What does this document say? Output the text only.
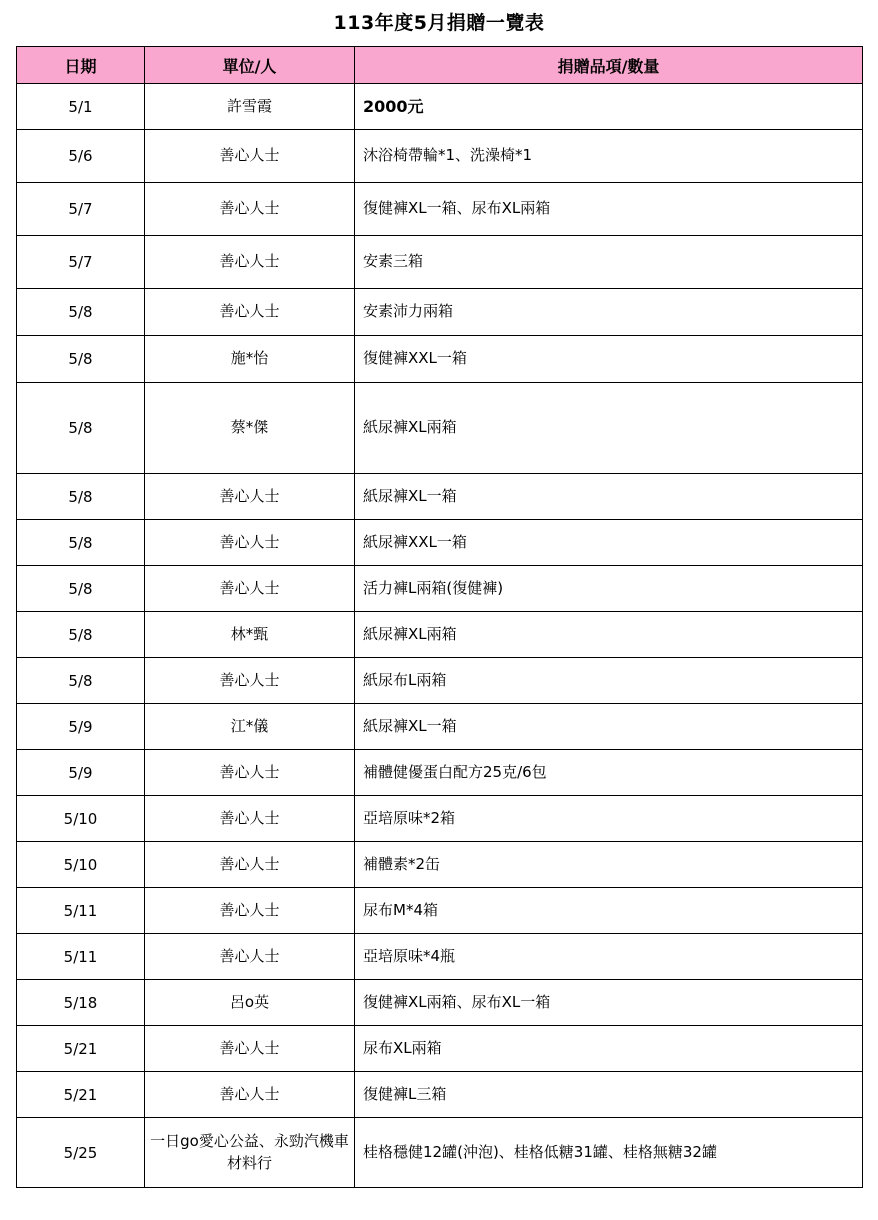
113年度5月捐贈一覽表
日期	單位/人	捐贈品項/數量
5/1	許雪霞	2000元
5/6	善心人士	沐浴椅帶輪*1、洗澡椅*1
5/7	善心人士	復健褲XL一箱、尿布XL兩箱
5/7	善心人士	安素三箱
5/8	善心人士	安素沛力兩箱
5/8	施*怡	復健褲XXL一箱
5/8	蔡*傑	紙尿褲XL兩箱
5/8	善心人士	紙尿褲XL一箱
5/8	善心人士	紙尿褲XXL一箱
5/8	善心人士	活力褲L兩箱(復健褲)
5/8	林*甄	紙尿褲XL兩箱
5/8	善心人士	紙尿布L兩箱
5/9	江*儀	紙尿褲XL一箱
5/9	善心人士	補體健優蛋白配方25克/6包
5/10	善心人士	亞培原味*2箱
5/10	善心人士	補體素*2缶
5/11	善心人士	尿布M*4箱
5/11	善心人士	亞培原味*4瓶
5/18	呂o英	復健褲XL兩箱、尿布XL一箱
5/21	善心人士	尿布XL兩箱
5/21	善心人士	復健褲L三箱
5/25	一日go愛心公益、永勁汽機車材料行	桂格穩健12罐(沖泡)、桂格低糖31罐、桂格無糖32罐
